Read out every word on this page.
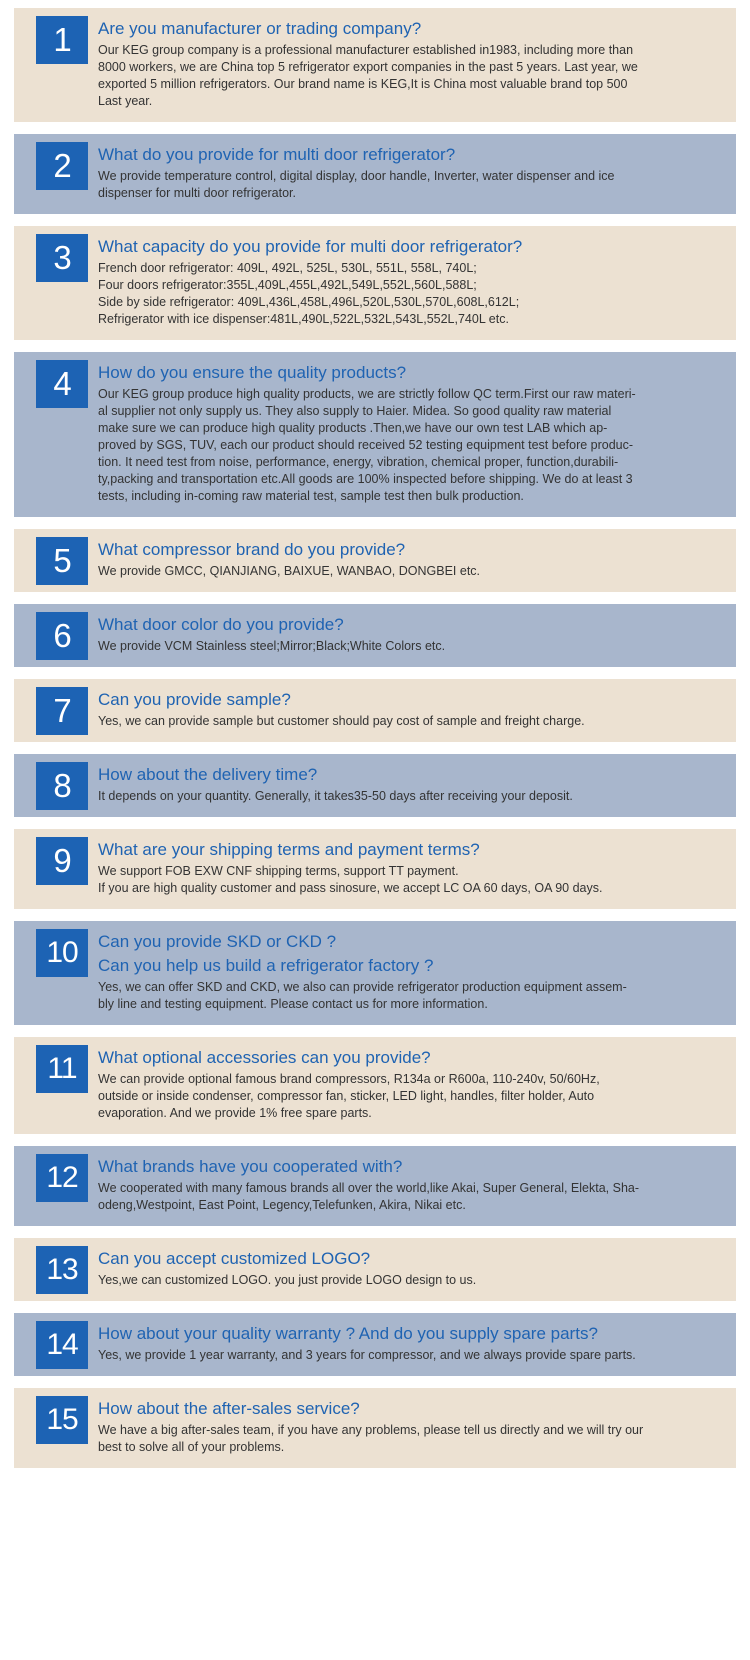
1	Are you manufacturer or trading company?
Our KEG group company is a professional manufacturer established in1983, including more than
8000 workers, we are China top 5 refrigerator export companies in the past 5 years. Last year, we
exported 5 million refrigerators. Our brand name is KEG,It is China most valuable brand top 500
Last year.
2	What do you provide for multi door refrigerator?
We provide temperature control, digital display, door handle, Inverter, water dispenser and ice
dispenser for multi door refrigerator.
3	What capacity do you provide for multi door refrigerator?
French door refrigerator: 409L, 492L, 525L, 530L, 551L, 558L, 740L;
Four doors refrigerator:355L,409L,455L,492L,549L,552L,560L,588L;
Side by side refrigerator: 409L,436L,458L,496L,520L,530L,570L,608L,612L;
Refrigerator with ice dispenser:481L,490L,522L,532L,543L,552L,740L etc.
4	How do you ensure the quality products?
Our KEG group produce high quality products, we are strictly follow QC term.First our raw materi-
al supplier not only supply us. They also supply to Haier. Midea. So good quality raw material
make sure we can produce high quality products .Then,we have our own test LAB which ap-
proved by SGS, TUV, each our product should received 52 testing equipment test before produc-
tion. It need test from noise, performance, energy, vibration, chemical proper, function,durabili-
ty,packing and transportation etc.All goods are 100% inspected before shipping. We do at least 3
tests, including in-coming raw material test, sample test then bulk production.
5	What compressor brand do you provide?
We provide GMCC, QIANJIANG, BAIXUE, WANBAO, DONGBEI etc.
6	What door color do you provide?
We provide VCM Stainless steel;Mirror;Black;White Colors etc.
7	Can you provide sample?
Yes, we can provide sample but customer should pay cost of sample and freight charge.
8	How about the delivery time?
It depends on your quantity. Generally, it takes35-50 days after receiving your deposit.
9	What are your shipping terms and payment terms?
We support FOB EXW CNF shipping terms, support TT payment.
If you are high quality customer and pass sinosure, we accept LC OA 60 days, OA 90 days.
10	Can you provide SKD or CKD ?
Can you help us build a refrigerator factory ?
Yes, we can offer SKD and CKD, we also can provide refrigerator production equipment assem-
bly line and testing equipment. Please contact us for more information.
11	What optional accessories can you provide?
We can provide optional famous brand compressors, R134a or R600a, 110-240v, 50/60Hz,
outside or inside condenser, compressor fan, sticker, LED light, handles, filter holder, Auto
evaporation. And we provide 1% free spare parts.
12	What brands have you cooperated with?
We cooperated with many famous brands all over the world,like Akai, Super General, Elekta, Sha-
odeng,Westpoint, East Point, Legency,Telefunken, Akira, Nikai etc.
13	Can you accept customized LOGO?
Yes,we can customized LOGO. you just provide LOGO design to us.
14	How about your quality warranty ? And do you supply spare parts?
Yes, we provide 1 year warranty, and 3 years for compressor, and we always provide spare parts.
15	How about the after-sales service?
We have a big after-sales team, if you have any problems, please tell us directly and we will try our
best to solve all of your problems.
